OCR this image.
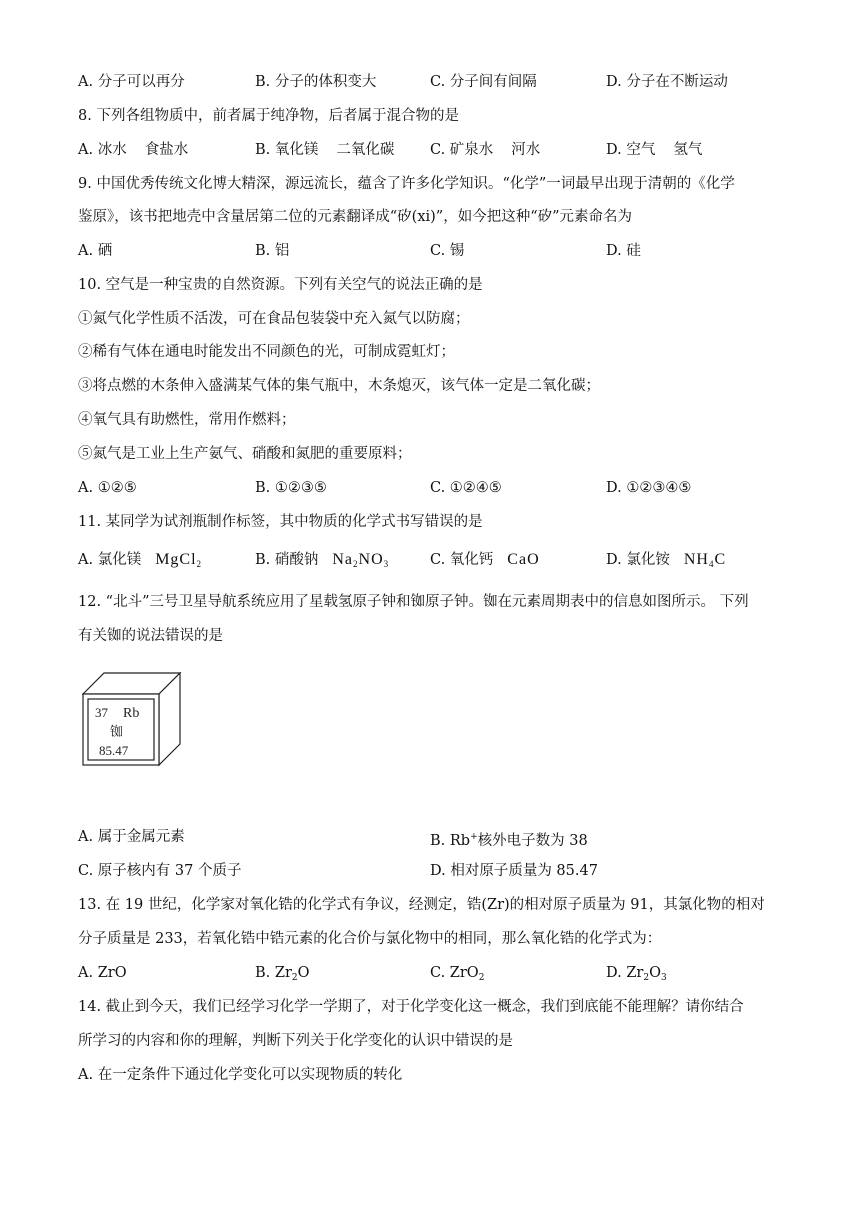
A. 分子可以再分	B. 分子的体积变大	C. 分子间有间隔	D. 分子在不断运动
8. 下列各组物质中，前者属于纯净物，后者属于混合物的是
A. 冰水 食盐水	B. 氧化镁 二氧化碳 C. 矿泉水 河水	D. 空气 氢气
9. 中国优秀传统文化博大精深，源远流长，蕴含了许多化学知识。“化学”一词最早出现于清朝的《化学
鉴原》，该书把地壳中含量居第二位的元素翻译成“矽(xi)”，如今把这种“矽”元素命名为
A. 硒	B. 铝	C. 锡	D. 硅
10. 空气是一种宝贵的自然资源。下列有关空气的说法正确的是
①氮气化学性质不活泼，可在食品包装袋中充入氮气以防腐；
②稀有气体在通电时能发出不同颜色的光，可制成霓虹灯；
③将点燃的木条伸入盛满某气体的集气瓶中，木条熄灭，该气体一定是二氧化碳；
④氧气具有助燃性，常用作燃料；
⑤氮气是工业上生产氨气、硝酸和氮肥的重要原料；
A. ①②⑤	B. ①②③⑤	C. ①②④⑤	D. ①②③④⑤
11. 某同学为试剂瓶制作标签，其中物质的化学式书写错误的是
A. 氯化镁 MgCl$_2$	B. 硝酸钠 $Na_2NO_3$	C. 氧化钙 CaO	D. 氯化铵 $NH_4C$
12. “北斗”三号卫星导航系统应用了星载氢原子钟和铷原子钟。铷在元素周期表中的信息如图所示。 下列
有关铷的说法错误的是
37 Rb
铷
85.47
A. 属于金属元素	B. Rb+核外电子数为 38
C. 原子核内有 37 个质子	D. 相对原子质量为 85.47
13. 在 19 世纪，化学家对氧化锆的化学式有争议，经测定，锆(Zr)的相对原子质量为 91，其氯化物的相对
分子质量是 233，若氧化锆中锆元素的化合价与氯化物中的相同，那么氧化锆的化学式为：
A. ZrO	B. $Zr_2O$	C. ZrO$_2$	D. $Zr_2O_3$
14. 截止到今天，我们已经学习化学一学期了，对于化学变化这一概念，我们到底能不能理解？请你结合
所学习的内容和你的理解，判断下列关于化学变化的认识中错误的是
A. 在一定条件下通过化学变化可以实现物质的转化
